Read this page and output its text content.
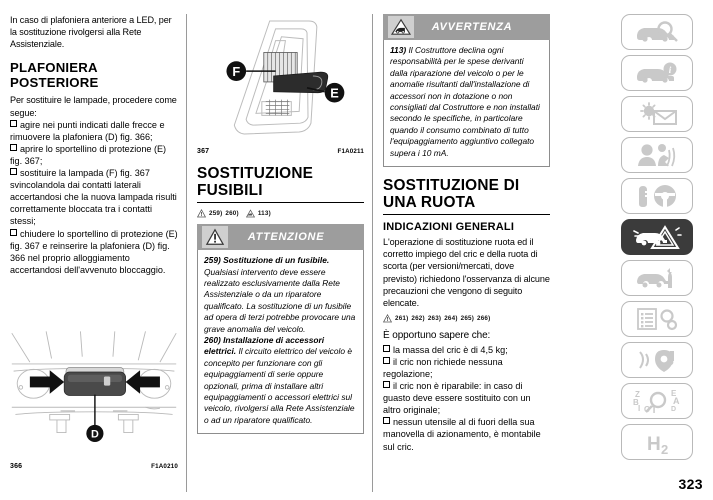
In caso di plafoniera anteriore a LED, per la sostituzione rivolgersi alla Rete Assistenziale.

PLAFONIERA
POSTERIORE

Per sostituire le lampade, procedere come segue:

agire nei punti indicati dalle frecce e rimuovere la plafoniera (D) fig. 366;
aprire lo sportellino di protezione (E) fig. 367;
sostituire la lampada (F) fig. 367 svincolandola dai contatti laterali accertandosi che la nuova lampada risulti correttamente bloccata tra i contatti stessi;
chiudere lo sportellino di protezione (E) fig. 367 e reinserire la plafoniera (D) fig. 366 nel proprio alloggiamento accertandosi dell'avvenuto bloccaggio.
D
366	F1A0210
F
E
367	F1A0211
SOSTITUZIONE
FUSIBILI
259) 260)	113)
ATTENZIONE

259) Sostituzione di un fusibile. Qualsiasi intervento deve essere realizzato esclusivamente dalla Rete Assistenziale o da un riparatore qualificato. La sostituzione di un fusibile ad opera di terzi potrebbe provocare una grave anomalia del veicolo.

260) Installazione di accessori elettrici. Il circuito elettrico del veicolo è concepito per funzionare con gli equipaggiamenti di serie oppure opzionali, prima di installare altri equipaggiamenti o accessori elettrici sul veicolo, rivolgersi alla Rete Assistenziale o ad un riparatore qualificato.

AVVERTENZA

113) Il Costruttore declina ogni responsabilità per le spese derivanti dalla riparazione del veicolo o per le anomalie risultanti dall'installazione di accessori non in dotazione o non consigliati dal Costruttore e non installati secondo le specifiche, in particolare quando il consumo combinato di tutto l'equipaggiamento aggiuntivo collegato supera i 10 mA.

SOSTITUZIONE DI
UNA RUOTA
INDICAZIONI GENERALI

L'operazione di sostituzione ruota ed il corretto impiego del cric e della ruota di scorta (per versioni/mercati, dove previsto) richiedono l'osservanza di alcune precauzioni che vengono di seguito elencate.

261) 262) 263) 264) 265) 266)

È opportuno sapere che:

la massa del cric è di 4,5 kg;
il cric non richiede nessuna regolazione;
il cric non è riparabile: in caso di guasto deve essere sostituito con un altro originale;
nessun utensile al di fuori della sua manovella di azionamento, è montabile sul cric.
i
Z
B
I C T
E
A
D
H 2
323
